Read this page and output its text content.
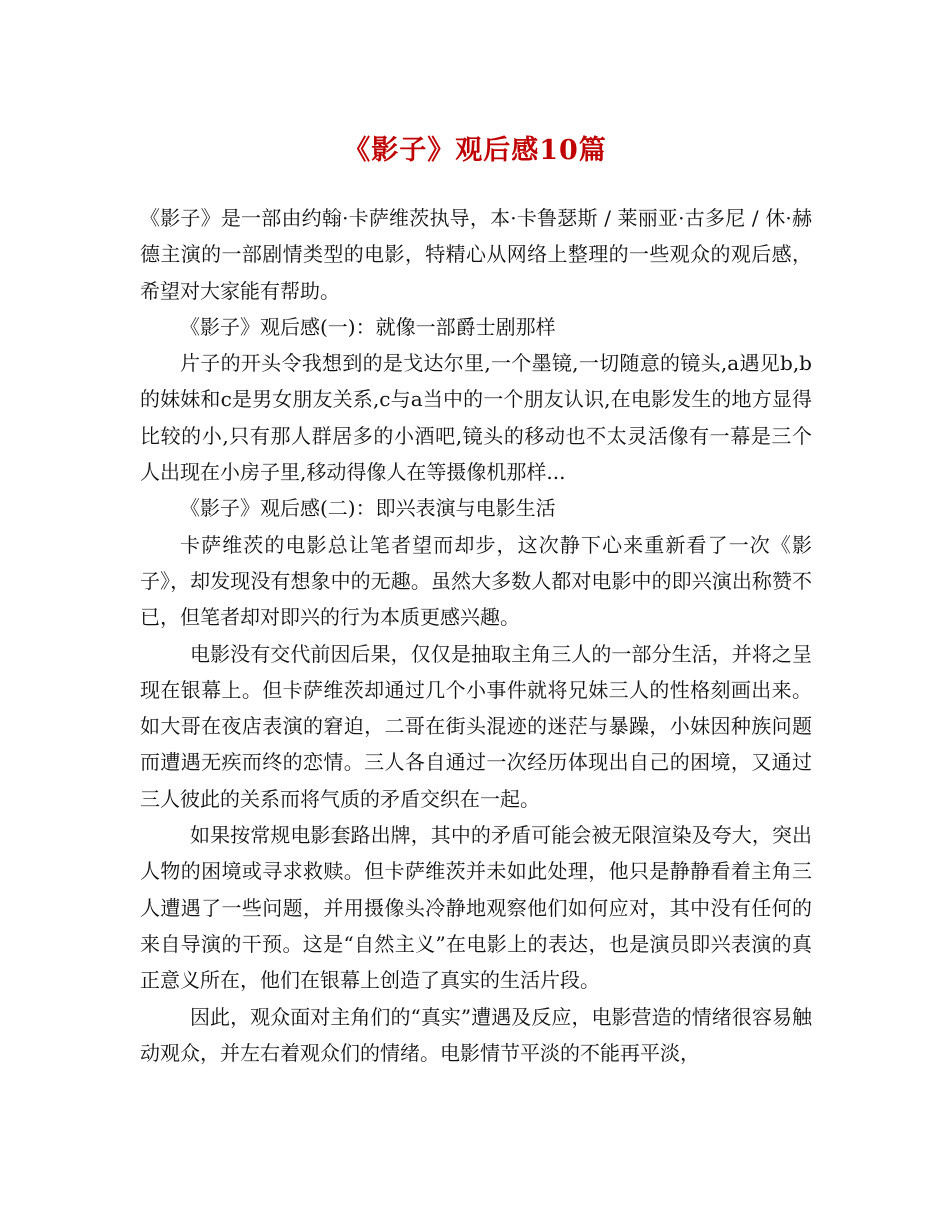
《影子》观后感10篇

《影子》是一部由约翰·卡萨维茨执导，本·卡鲁瑟斯 / 莱丽亚·古多尼 / 休·赫德主演的一部剧情类型的电影，特精心从网络上整理的一些观众的观后感，希望对大家能有帮助。

《影子》观后感(一)：就像一部爵士剧那样

片子的开头令我想到的是戈达尔里,一个墨镜,一切随意的镜头,a遇见b,b的妹妹和c是男女朋友关系,c与a当中的一个朋友认识,在电影发生的地方显得比较的小,只有那人群居多的小酒吧,镜头的移动也不太灵活像有一幕是三个人出现在小房子里,移动得像人在等摄像机那样...

《影子》观后感(二)：即兴表演与电影生活

卡萨维茨的电影总让笔者望而却步，这次静下心来重新看了一次《影子》，却发现没有想象中的无趣。虽然大多数人都对电影中的即兴演出称赞不已，但笔者却对即兴的行为本质更感兴趣。

电影没有交代前因后果，仅仅是抽取主角三人的一部分生活，并将之呈现在银幕上。但卡萨维茨却通过几个小事件就将兄妹三人的性格刻画出来。如大哥在夜店表演的窘迫，二哥在街头混迹的迷茫与暴躁，小妹因种族问题而遭遇无疾而终的恋情。三人各自通过一次经历体现出自己的困境，又通过三人彼此的关系而将气质的矛盾交织在一起。

如果按常规电影套路出牌，其中的矛盾可能会被无限渲染及夸大，突出人物的困境或寻求救赎。但卡萨维茨并未如此处理，他只是静静看着主角三人遭遇了一些问题，并用摄像头冷静地观察他们如何应对，其中没有任何的来自导演的干预。这是“自然主义”在电影上的表达，也是演员即兴表演的真正意义所在，他们在银幕上创造了真实的生活片段。

因此，观众面对主角们的“真实”遭遇及反应，电影营造的情绪很容易触动观众，并左右着观众们的情绪。电影情节平淡的不能再平淡，
